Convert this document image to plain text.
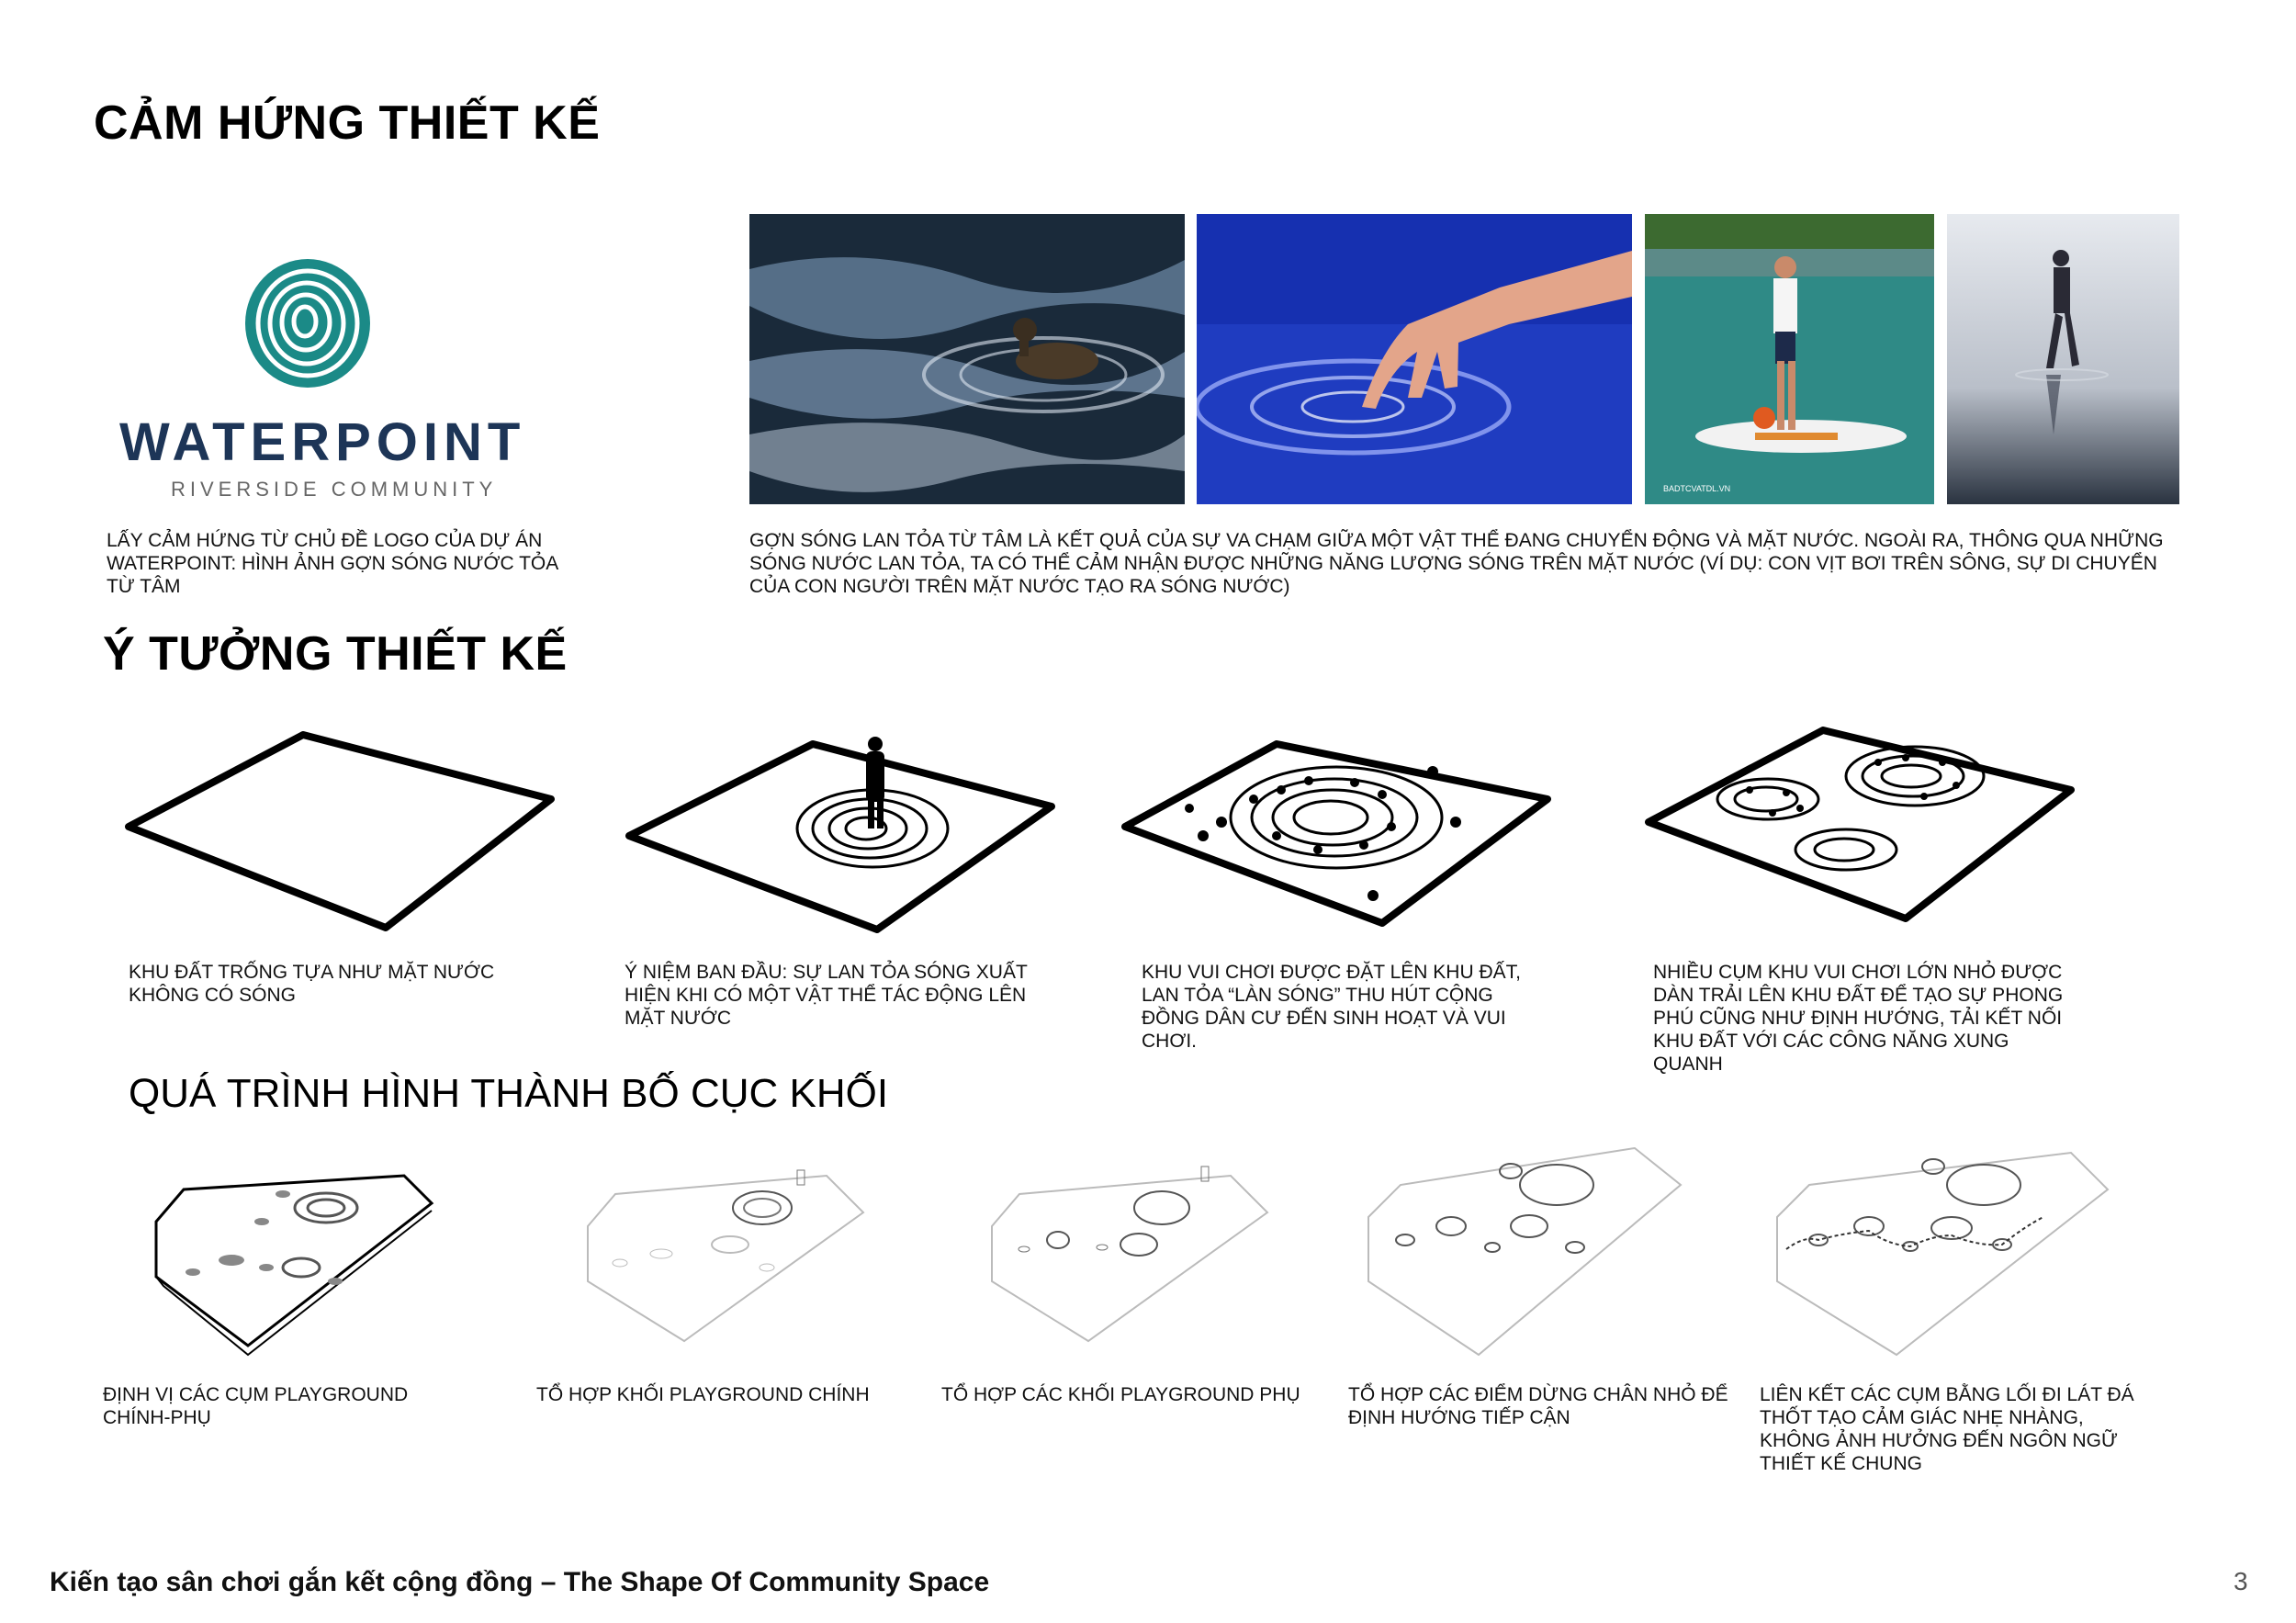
CẢM HỨNG THIẾT KẾ
Ý TƯỞNG THIẾT KẾ
QUÁ TRÌNH HÌNH THÀNH BỐ CỤC KHỐI
WATERPOINT
RIVERSIDE COMMUNITY
LẤY CẢM HỨNG TỪ CHỦ ĐỀ LOGO CỦA DỰ ÁN WATERPOINT: HÌNH ẢNH GỢN SÓNG NƯỚC TỎA TỪ TÂM
BADTCVATDL.VN
GỢN SÓNG LAN TỎA TỪ TÂM LÀ KẾT QUẢ CỦA SỰ VA CHẠM GIỮA MỘT VẬT THỂ ĐANG CHUYỂN ĐỘNG VÀ MẶT NƯỚC. NGOÀI RA, THÔNG QUA NHỮNG SÓNG NƯỚC LAN TỎA, TA CÓ THỂ CẢM NHẬN ĐƯỢC NHỮNG NĂNG LƯỢNG SÓNG TRÊN MẶT NƯỚC (VÍ DỤ: CON VỊT BƠI TRÊN SÔNG, SỰ DI CHUYỂN CỦA CON NGƯỜI TRÊN MẶT NƯỚC TẠO RA SÓNG NƯỚC)
KHU ĐẤT TRỐNG TỰA NHƯ MẶT NƯỚC KHÔNG CÓ SÓNG
Ý NIỆM BAN ĐẦU: SỰ LAN TỎA SÓNG XUẤT HIỆN KHI CÓ MỘT VẬT THỂ TÁC ĐỘNG LÊN MẶT NƯỚC
KHU VUI CHƠI ĐƯỢC ĐẶT LÊN KHU ĐẤT, LAN TỎA “LÀN SÓNG” THU HÚT CỘNG ĐỒNG DÂN CƯ ĐẾN SINH HOẠT VÀ VUI CHƠI.
NHIỀU CỤM KHU VUI CHƠI LỚN NHỎ ĐƯỢC DÀN TRẢI LÊN KHU ĐẤT ĐỂ TẠO SỰ PHONG PHÚ CŨNG NHƯ ĐỊNH HƯỚNG, TẢI KẾT NỐI KHU ĐẤT VỚI CÁC CÔNG NĂNG XUNG QUANH
ĐỊNH VỊ CÁC CỤM PLAYGROUND CHÍNH-PHỤ
TỔ HỢP KHỐI PLAYGROUND CHÍNH	TỔ HỢP CÁC KHỐI PLAYGROUND PHỤ	TỔ HỢP CÁC ĐIỂM DỪNG CHÂN NHỎ ĐỂ ĐỊNH HƯỚNG TIẾP CẬN
LIÊN KẾT CÁC CỤM BẰNG LỐI ĐI LÁT ĐÁ THỐT TẠO CẢM GIÁC NHẸ NHÀNG, KHÔNG ẢNH HƯỞNG ĐẾN NGÔN NGỮ THIẾT KẾ CHUNG
Kiến tạo sân chơi gắn kết cộng đồng – The Shape Of Community Space	3
